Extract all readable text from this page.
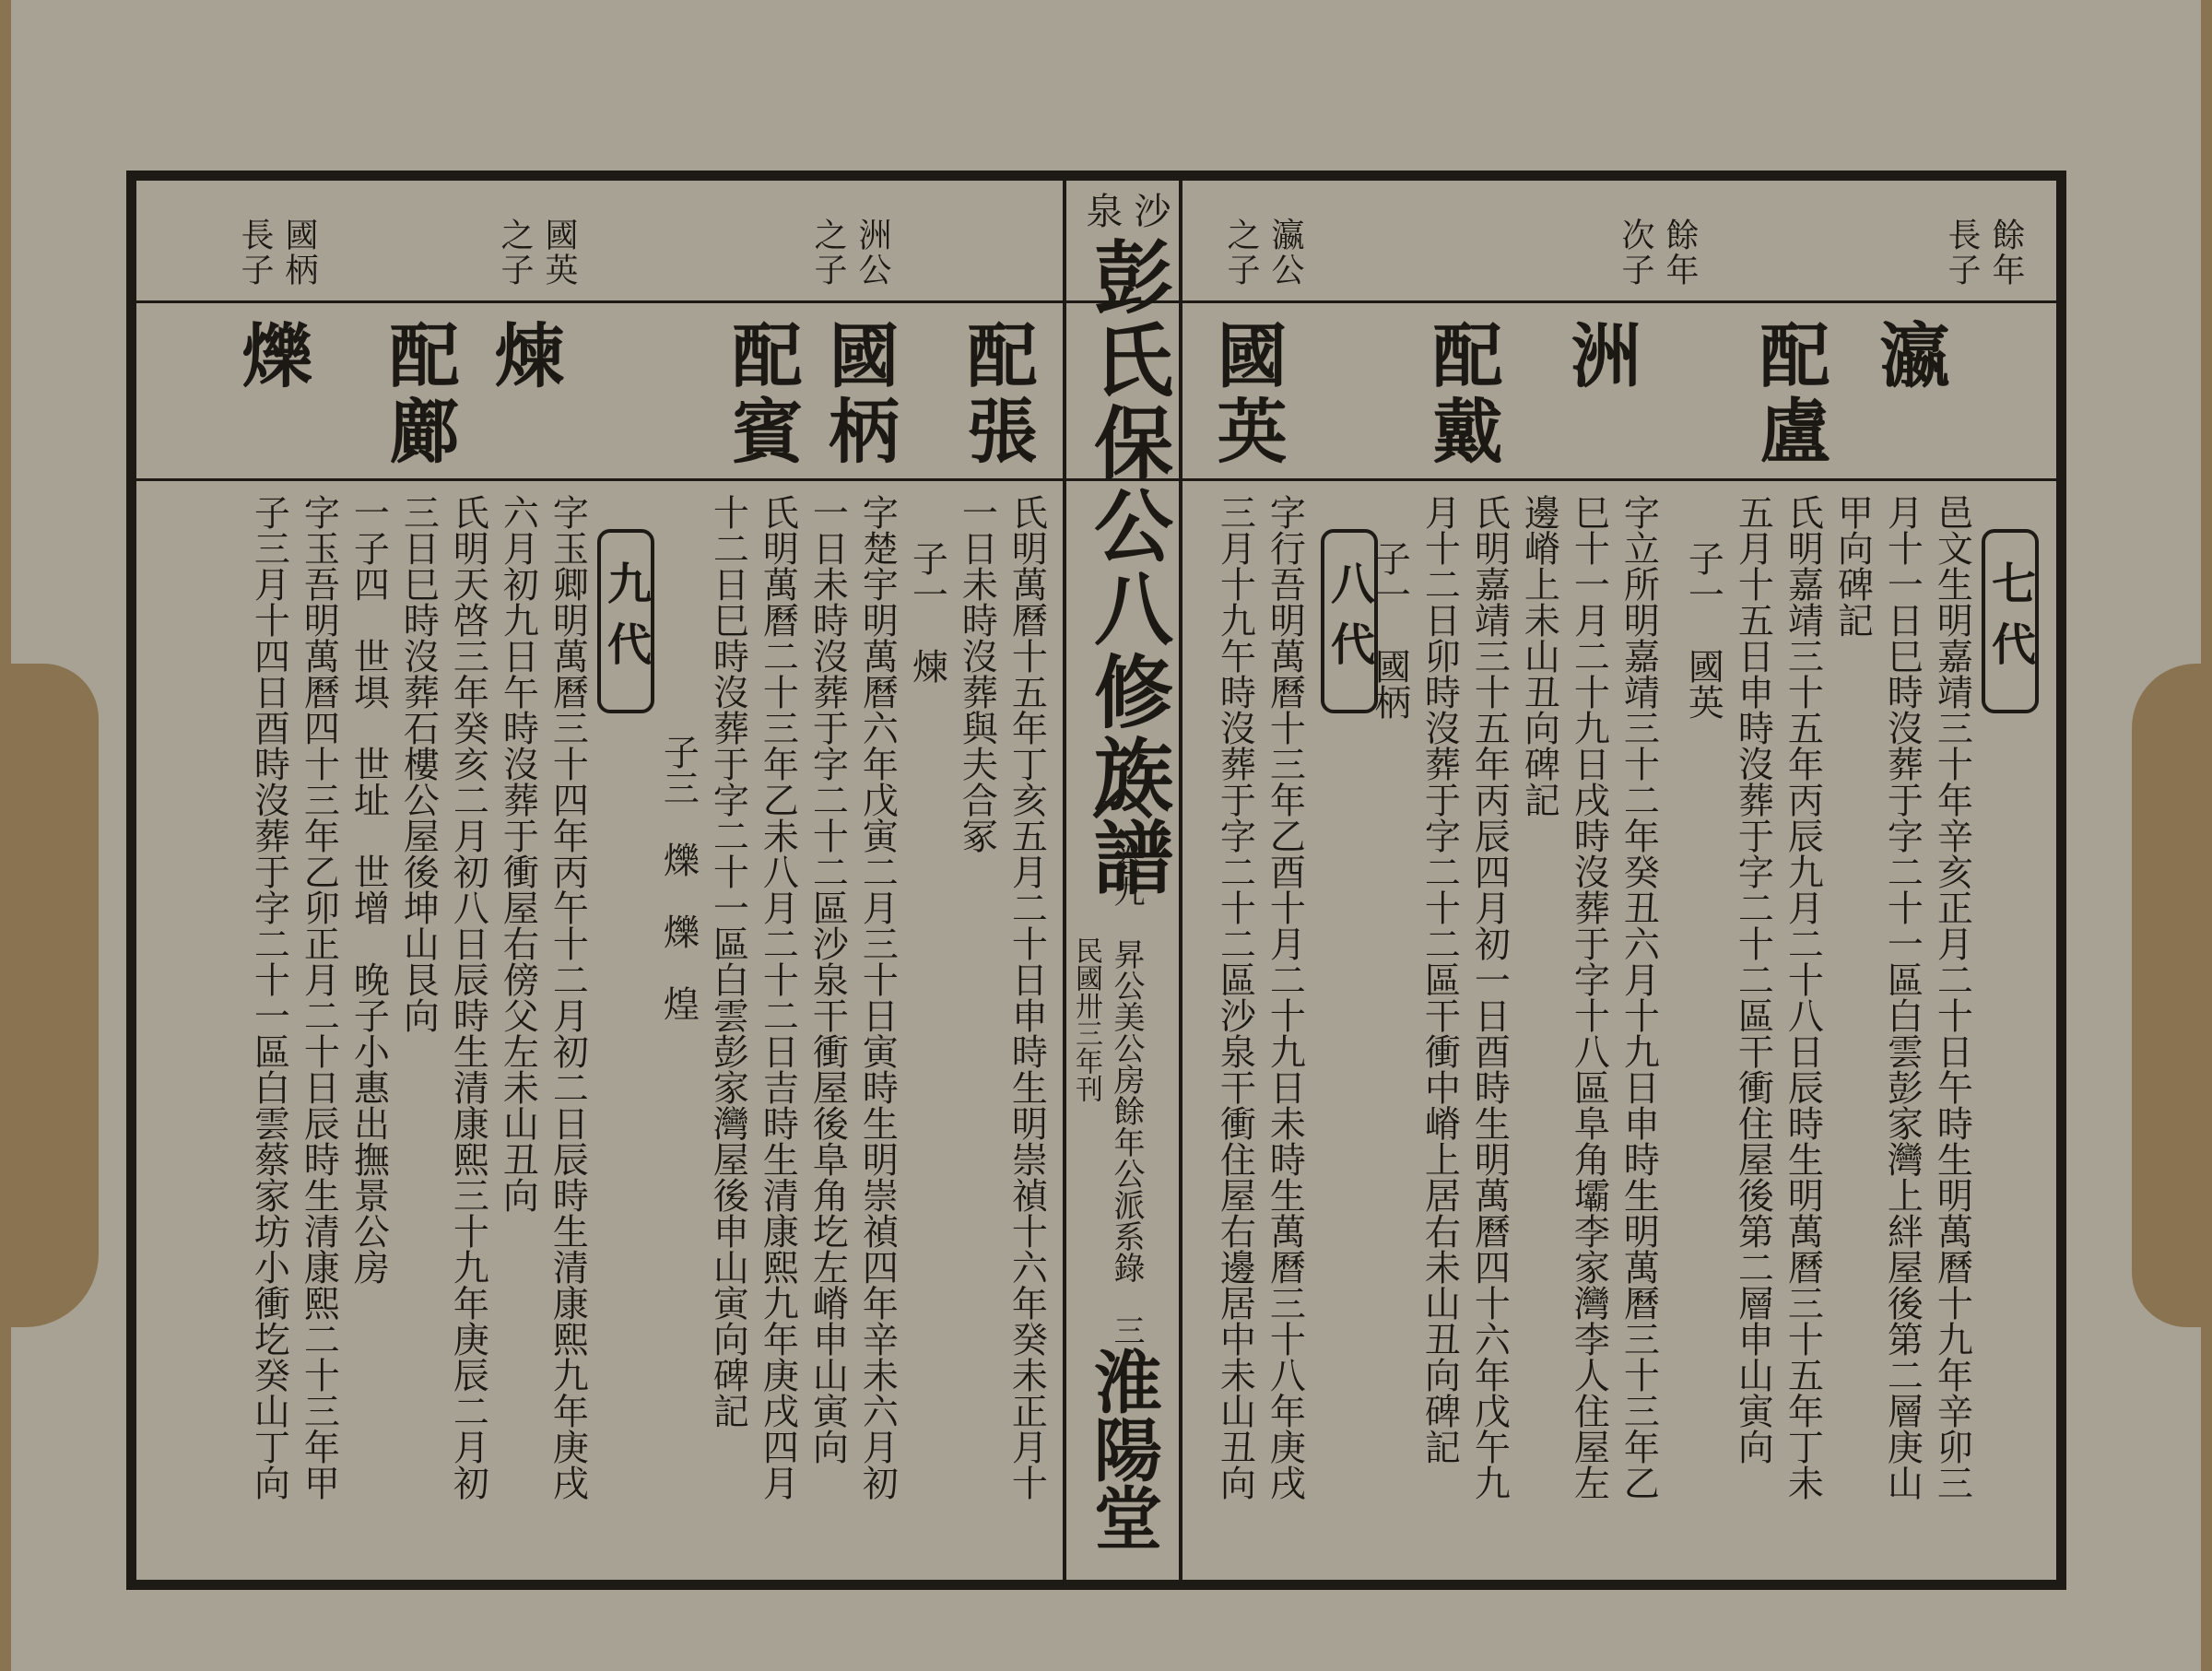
沙
泉
彭氏保公八修族譜
卷九　昇公美公房餘年公派系錄　三
民國卅三年刊
淮陽堂
餘年
長子
餘年
次子
瀛公
之子
瀛
配盧
洲
配戴
國英
七代
八代	邑文生明嘉靖三十年辛亥正月二十日午時生明萬曆十九年辛卯三
月十一日巳時沒葬于字二十一區白雲彭家灣上絆屋後第二層庚山
甲向碑記
氏明嘉靖三十五年丙辰九月二十八日辰時生明萬曆三十五年丁未
五月十五日申時沒葬于字二十二區干衝住屋後第二層申山寅向
子一　國英
字立所明嘉靖三十二年癸丑六月十九日申時生明萬曆三十三年乙
巳十一月二十九日戌時沒葬于字十八區阜角壩李家灣李人住屋左
邊嵴上未山丑向碑記
氏明嘉靖三十五年丙辰四月初一日酉時生明萬曆四十六年戊午九
月十二日卯時沒葬于字二十二區干衝中嵴上居右未山丑向碑記
子一　國柄
字行吾明萬曆十三年乙酉十月二十九日未時生萬曆三十八年庚戌
三月十九午時沒葬于字二十二區沙泉干衝住屋右邊居中未山丑向
洲公
之子
國英
之子
國柄
長子
配張
國柄
配賓
煉
配鄺
爍
九代	氏明萬曆十五年丁亥五月二十日申時生明崇禎十六年癸未正月十
一日未時沒葬與夫合冢
子一　煉
字楚宇明萬曆六年戊寅二月三十日寅時生明崇禎四年辛未六月初
一日未時沒葬于字二十二區沙泉干衝屋後阜角圪左嵴申山寅向
氏明萬曆二十三年乙未八月二十二日吉時生清康熙九年庚戌四月
十二日巳時沒葬于字二十一區白雲彭家灣屋後申山寅向碑記
子三　爍　爍　煌
字玉卿明萬曆三十四年丙午十二月初二日辰時生清康熙九年庚戌
六月初九日午時沒葬于衝屋右傍父左未山丑向
氏明天啓三年癸亥二月初八日辰時生清康熙三十九年庚辰二月初
三日巳時沒葬石樓公屋後坤山艮向
一子四　世埧　世址　世增　晚子小惠出撫景公房
字玉吾明萬曆四十三年乙卯正月二十日辰時生清康熙二十三年甲
子三月十四日酉時沒葬于字二十一區白雲蔡家坊小衝圪癸山丁向
